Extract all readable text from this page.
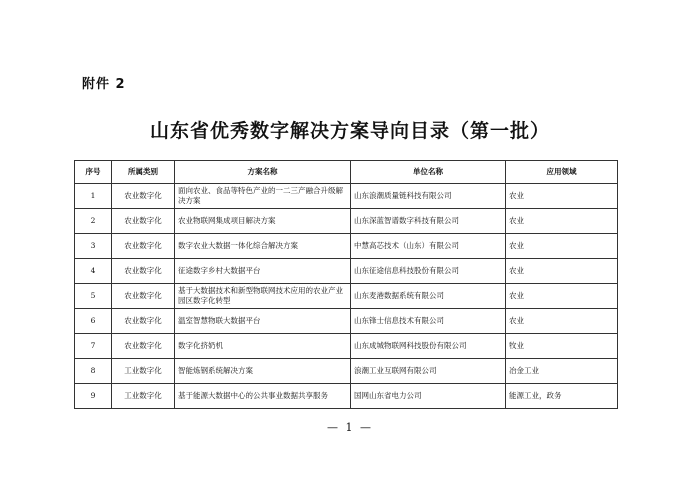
附件 2
山东省优秀数字解决方案导向目录（第一批）
序号	所属类别	方案名称	单位名称	应用领域
1	农业数字化	面向农业、食品等特色产业的一二三产融合升级解决方案	山东浪潮质量链科技有限公司	农业
2	农业数字化	农业物联网集成项目解决方案	山东深蓝智谱数字科技有限公司	农业
3	农业数字化	数字农业大数据一体化综合解决方案	中慧高芯技术（山东）有限公司	农业
4	农业数字化	征途数字乡村大数据平台	山东征途信息科技股份有限公司	农业
5	农业数字化	基于大数据技术和新型物联网技术应用的农业产业园区数字化转型	山东麦港数据系统有限公司	农业
6	农业数字化	温室智慧物联大数据平台	山东锋士信息技术有限公司	农业
7	农业数字化	数字化挤奶机	山东成城物联网科技股份有限公司	牧业
8	工业数字化	智能炼钢系统解决方案	浪潮工业互联网有限公司	冶金工业
9	工业数字化	基于能源大数据中心的公共事业数据共享服务	国网山东省电力公司	能源工业，政务
— 1 —
